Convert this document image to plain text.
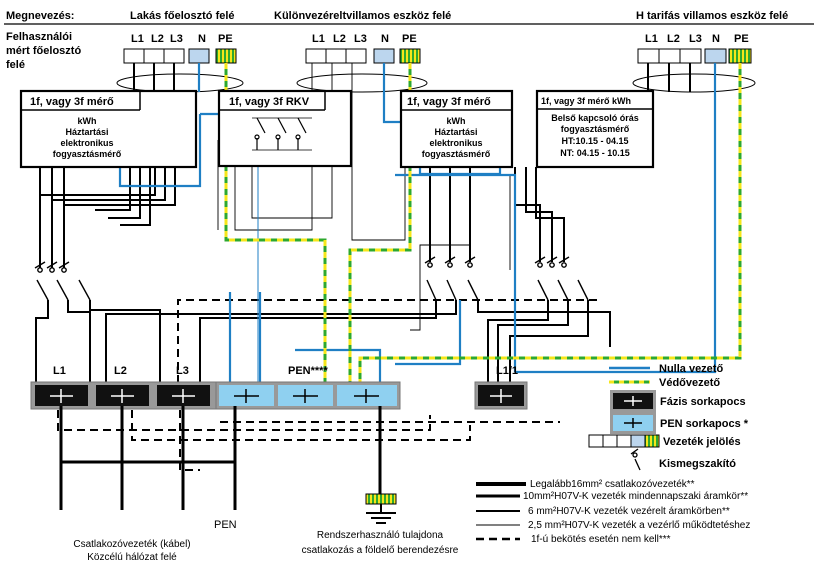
Megnevezés:	Lakás főelosztó felé	Különvezéreltvillamos eszköz felé	H tarifás villamos eszköz felé
Felhasználói
mért főelosztó
felé
L1 L2 L3 N PE	L1 L2 L3 N PE	L1 L2 L3 N PE
1f, vagy 3f mérő
kWh
Háztartási
elektronikus
fogyasztásmérő
1f, vagy 3f RKV	1f, vagy 3f mérő
kWh
Háztartási
elektronikus
fogyasztásmérő
1f, vagy 3f mérő kWh
Belső kapcsoló órás
fogyasztásmérő
HT:10.15 - 04.15
NT: 04.15 - 10.15
L1	L2	L3	PEN****	L1/1	Nulla vezető
Védővezető
Fázis sorkapocs
PEN sorkapocs *
Vezeték jelölés
Kismegszakító
Legalább16mm² csatlakozóvezeték**
10mm²H07V-K vezeték mindennapszaki áramkör**
6 mm²H07V-K vezeték vezérelt áramkörben**
2,5 mm²H07V-K vezeték a vezérlő működtetéshez
1f-ú bekötés esetén nem kell***
PEN
Csatlakozóvezeték (kábel)
Közcélú hálózat felé
Rendszerhasználó tulajdona
csatlakozás a földelő berendezésre
